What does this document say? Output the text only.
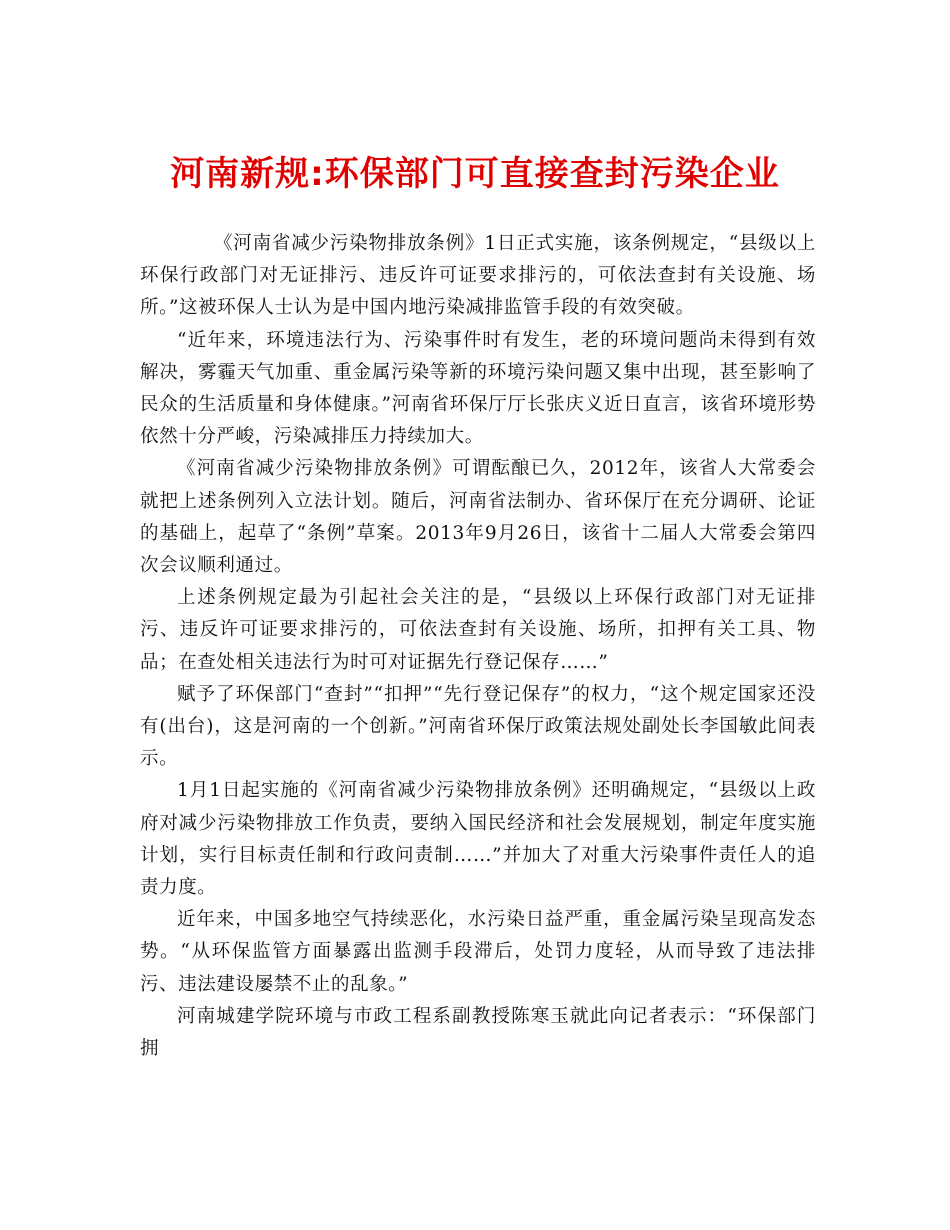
河南新规:环保部门可直接查封污染企业

《河南省减少污染物排放条例》1日正式实施，该条例规定，“县级以上环保行政部门对无证排污、违反许可证要求排污的，可依法查封有关设施、场所。”这被环保人士认为是中国内地污染减排监管手段的有效突破。

“近年来，环境违法行为、污染事件时有发生，老的环境问题尚未得到有效解决，雾霾天气加重、重金属污染等新的环境污染问题又集中出现，甚至影响了民众的生活质量和身体健康。”河南省环保厅厅长张庆义近日直言，该省环境形势依然十分严峻，污染减排压力持续加大。

《河南省减少污染物排放条例》可谓酝酿已久，2012年，该省人大常委会就把上述条例列入立法计划。随后，河南省法制办、省环保厅在充分调研、论证的基础上，起草了“条例”草案。2013年9月26日，该省十二届人大常委会第四次会议顺利通过。

上述条例规定最为引起社会关注的是，“县级以上环保行政部门对无证排污、违反许可证要求排污的，可依法查封有关设施、场所，扣押有关工具、物品；在查处相关违法行为时可对证据先行登记保存……”

赋予了环保部门“查封”“扣押”“先行登记保存”的权力，“这个规定国家还没有(出台)，这是河南的一个创新。”河南省环保厅政策法规处副处长李国敏此间表示。

1月1日起实施的《河南省减少污染物排放条例》还明确规定，“县级以上政府对减少污染物排放工作负责，要纳入国民经济和社会发展规划，制定年度实施计划，实行目标责任制和行政问责制……”并加大了对重大污染事件责任人的追责力度。

近年来，中国多地空气持续恶化，水污染日益严重，重金属污染呈现高发态势。“从环保监管方面暴露出监测手段滞后，处罚力度轻，从而导致了违法排污、违法建设屡禁不止的乱象。”

河南城建学院环境与市政工程系副教授陈寒玉就此向记者表示：“环保部门拥
